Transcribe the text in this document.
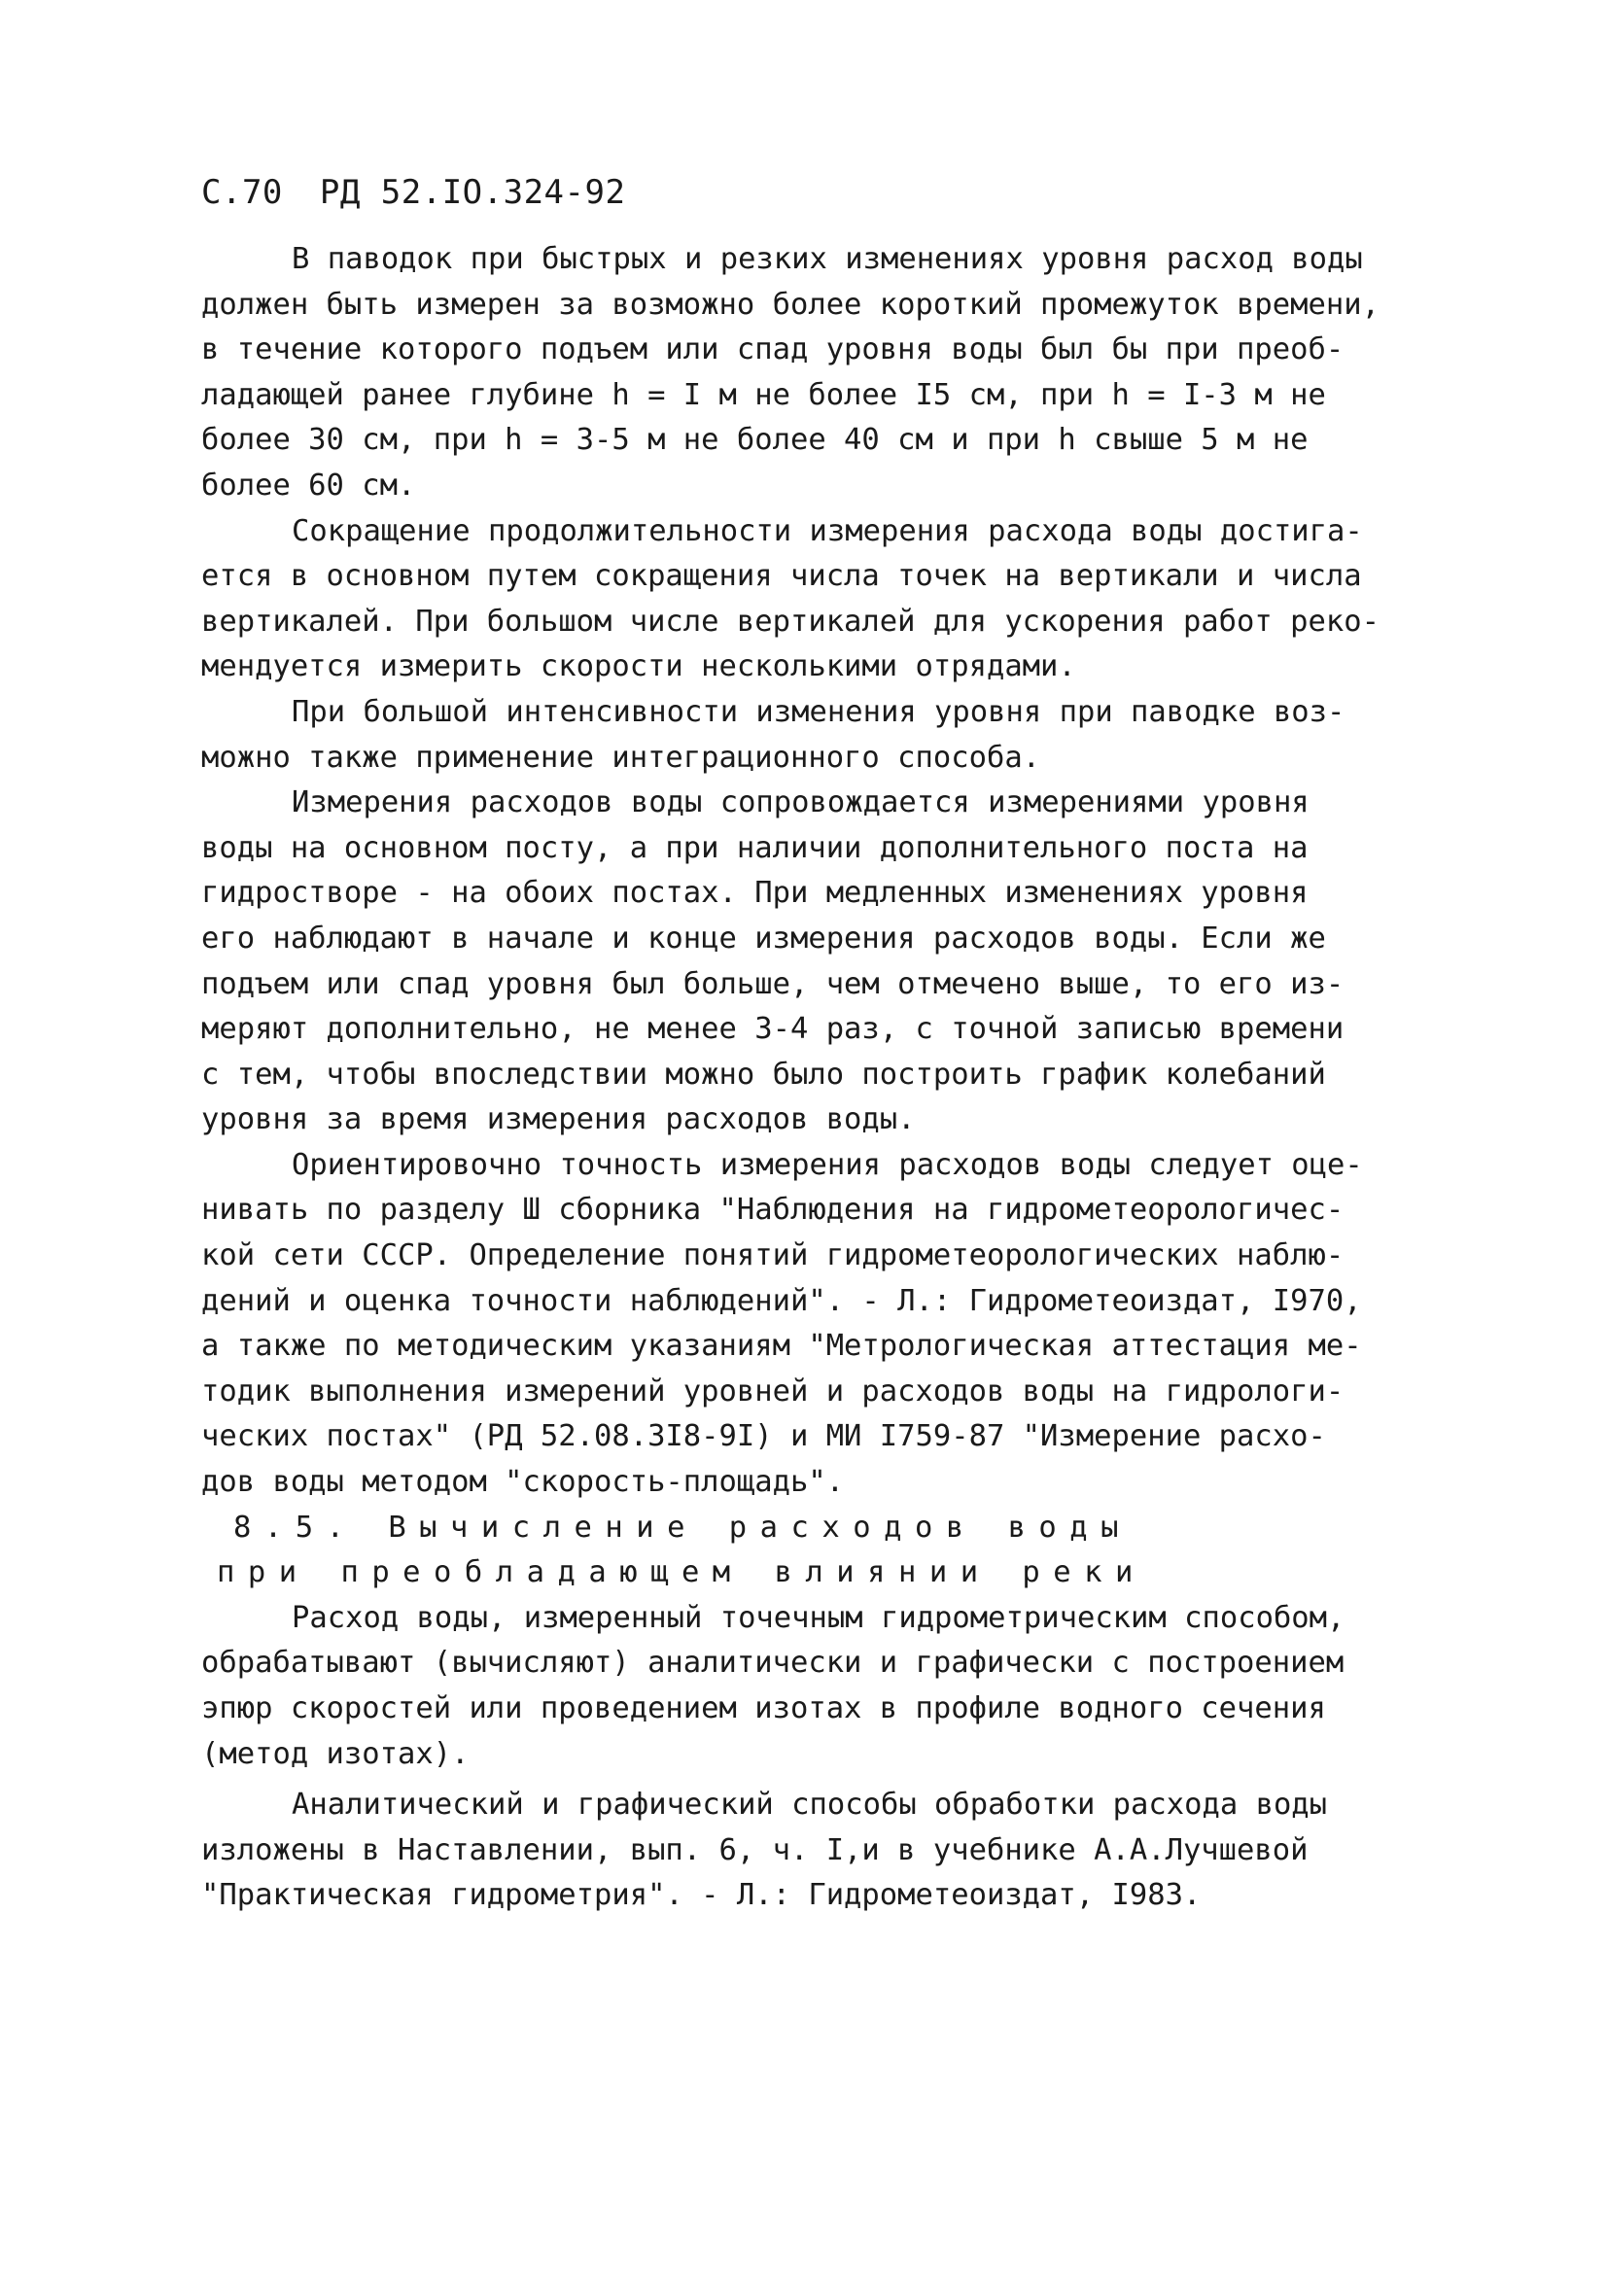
С.70 РД 52.IO.324-92
В паводок при быстрых и резких изменениях уровня расход воды
должен быть измерен за возможно более короткий промежуток времени,
в течение которого подъем или спад уровня воды был бы при преоб-
ладающей ранее глубине h = I м не более I5 см, при h = I-3 м не
более 30 см, при h = 3-5 м не более 40 см и при h свыше 5 м не
более 60 см.
Сокращение продолжительности измерения расхода воды достига-
ется в основном путем сокращения числа точек на вертикали и числа
вертикалей. При большом числе вертикалей для ускорения работ реко-
мендуется измерить скорости несколькими отрядами.
При большой интенсивности изменения уровня при паводке воз-
можно также применение интеграционного способа.
Измерения расходов воды сопровождается измерениями уровня
воды на основном посту, а при наличии дополнительного поста на
гидростворе - на обоих постах. При медленных изменениях уровня
его наблюдают в начале и конце измерения расходов воды. Если же
подъем или спад уровня был больше, чем отмечено выше, то его из-
меряют дополнительно, не менее 3-4 раз, с точной записью времени
с тем, чтобы впоследствии можно было построить график колебаний
уровня за время измерения расходов воды.
Ориентировочно точность измерения расходов воды следует оце-
нивать по разделу Ш сборника "Наблюдения на гидрометеорологичес-
кой сети СССР. Определение понятий гидрометеорологических наблю-
дений и оценка точности наблюдений". - Л.: Гидрометеоиздат, I970,
а также по методическим указаниям "Метрологическая аттестация ме-
тодик выполнения измерений уровней и расходов воды на гидрологи-
ческих постах" (РД 52.08.3I8-9I) и МИ I759-87 "Измерение расхо-
дов воды методом "скорость-площадь".
8.5. Вычисление расходов воды
при преобладающем влиянии реки
Расход воды, измеренный точечным гидрометрическим способом,
обрабатывают (вычисляют) аналитически и графически с построением
эпюр скоростей или проведением изотах в профиле водного сечения
(метод изотах).
Аналитический и графический способы обработки расхода воды
изложены в Наставлении, вып. 6, ч. I,и в учебнике А.А.Лучшевой
"Практическая гидрометрия". - Л.: Гидрометеоиздат, I983.
